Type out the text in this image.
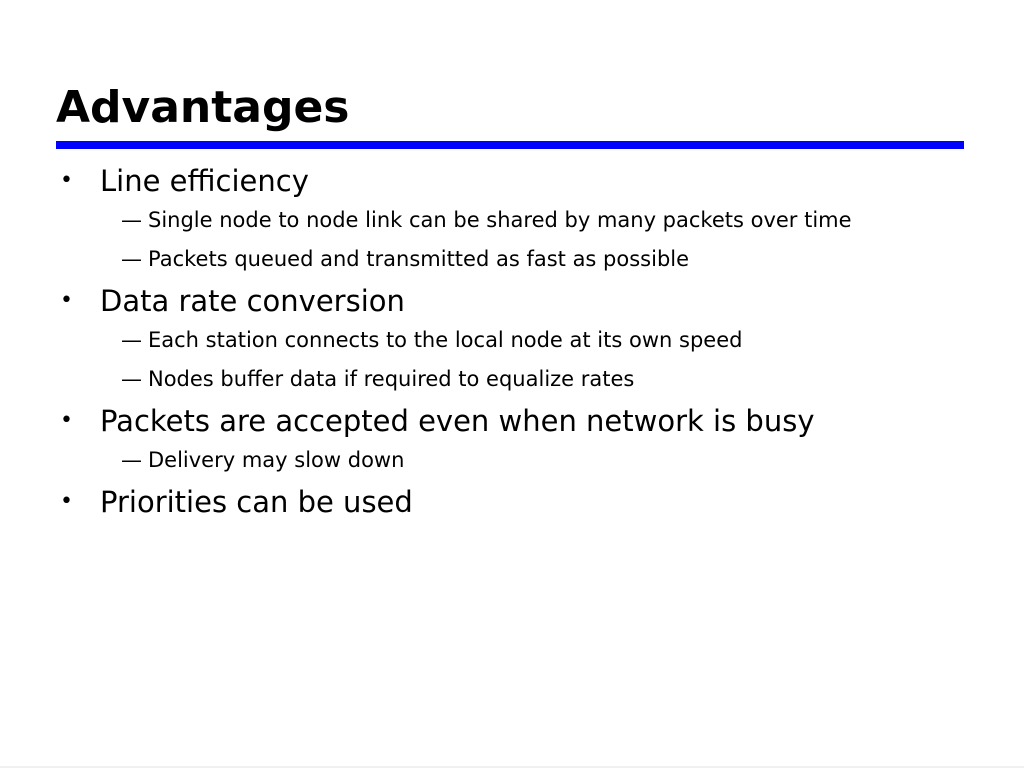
Advantages
• Line efficiency
— Single node to node link can be shared by many packets over time
— Packets queued and transmitted as fast as possible
• Data rate conversion
— Each station connects to the local node at its own speed
— Nodes buffer data if required to equalize rates
• Packets are accepted even when network is busy
— Delivery may slow down
• Priorities can be used
